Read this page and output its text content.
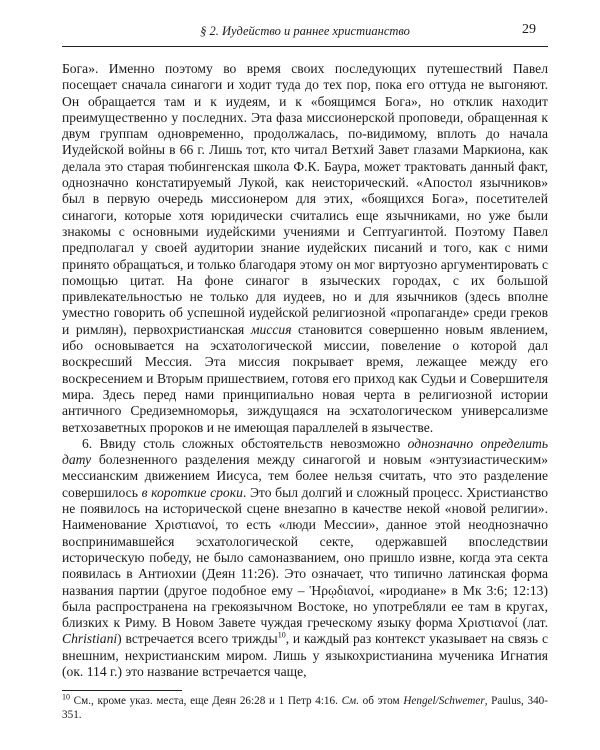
§ 2. Иудейство и раннее христианство	29

Бога». Именно поэтому во время своих последующих путешествий Павел посещает сначала синагоги и ходит туда до тех пор, пока его оттуда не выгоняют. Он обращается там и к иудеям, и к «боящимся Бога», но отклик находит преимущественно у последних. Эта фаза миссионерской проповеди, обращенная к двум группам одновременно, продолжалась, по-видимому, вплоть до начала Иудейской войны в 66 г. Лишь тот, кто читал Ветхий Завет глазами Маркиона, как делала это старая тюбингенская школа Ф.К. Баура, может трактовать данный факт, однозначно констатируемый Лукой, как неисторический. «Апостол язычников» был в первую очередь миссионером для этих, «боящихся Бога», посетителей синагоги, которые хотя юридически считались еще язычниками, но уже были знакомы с основными иудейскими учениями и Септуагинтой. Поэтому Павел предполагал у своей аудитории знание иудейских писаний и того, как с ними принято обращаться, и только благодаря этому он мог виртуозно аргументировать с помощью цитат. На фоне синагог в языческих городах, с их большой привлекательностью не только для иудеев, но и для язычников (здесь вполне уместно говорить об успешной иудейской религиозной «пропаганде» среди греков и римлян), первохристианская миссия становится совершенно новым явлением, ибо основывается на эсхатологической миссии, повеление о которой дал воскресший Мессия. Эта миссия покрывает время, лежащее между его воскресением и Вторым пришествием, готовя его приход как Судьи и Совершителя мира. Здесь перед нами принципиально новая черта в религиозной истории античного Средиземноморья, зиждущаяся на эсхатологическом универсализме ветхозаветных пророков и не имеющая параллелей в язычестве.

6. Ввиду столь сложных обстоятельств невозможно однозначно определить дату болезненного разделения между синагогой и новым «энтузиастическим» мессианским движением Иисуса, тем более нельзя считать, что это разделение совершилось в короткие сроки. Это был долгий и сложный процесс. Христианство не появилось на исторической сцене внезапно в качестве некой «новой религии». Наименование Χριστιανοί, то есть «люди Мессии», данное этой неоднозначно воспринимавшейся эсхатологической секте, одержавшей впоследствии историческую победу, не было самоназванием, оно пришло извне, когда эта секта появилась в Антиохии (Деян 11:26). Это означает, что типично латинская форма названия партии (другое подобное ему – Ἡρῳδιανοί, «иродиане» в Мк 3:6; 12:13) была распространена на грекоязычном Востоке, но употребляли ее там в кругах, близких к Риму. В Новом Завете чуждая греческому языку форма Χριστιανοί (лат. Christiani) встречается всего трижды$^{10}$, и каждый раз контекст указывает на связь с внешним, нехристианским миром. Лишь у языкохристианина мученика Игнатия (ок. 114 г.) это название встречается чаще,

$^{10}$ См., кроме указ. места, еще Деян 26:28 и 1 Петр 4:16. См. об этом Hengel/Schwemer, Paulus, 340-351.
